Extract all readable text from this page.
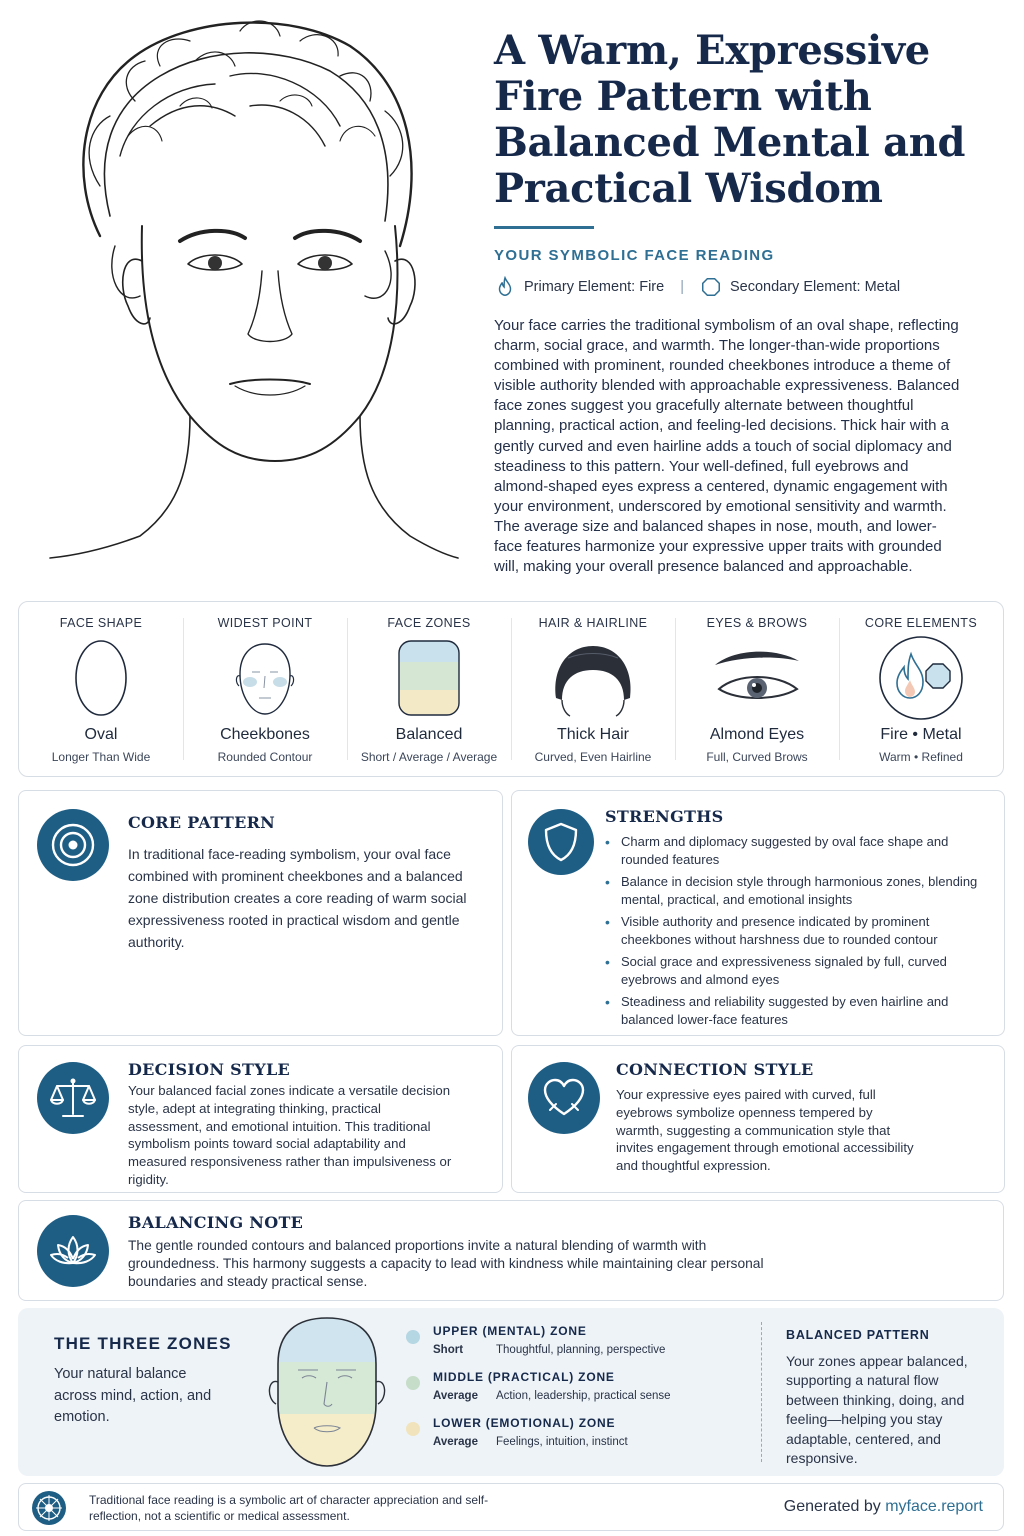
A Warm, Expressive Fire Pattern with Balanced Mental and Practical Wisdom
YOUR SYMBOLIC FACE READING
Primary Element: Fire |	Secondary Element: Metal

Your face carries the traditional symbolism of an oval shape, reflecting charm, social grace, and warmth. The longer-than-wide proportions combined with prominent, rounded cheekbones introduce a theme of visible authority blended with approachable expressiveness. Balanced face zones suggest you gracefully alternate between thoughtful planning, practical action, and feeling-led decisions. Thick hair with a gently curved and even hairline adds a touch of social diplomacy and steadiness to this pattern. Your well-defined, full eyebrows and almond-shaped eyes express a centered, dynamic engagement with your environment, underscored by emotional sensitivity and warmth. The average size and balanced shapes in nose, mouth, and lower-face features harmonize your expressive upper traits with grounded will, making your overall presence balanced and approachable.

FACE SHAPE
Oval
Longer Than Wide
WIDEST POINT
Cheekbones
Rounded Contour
FACE ZONES
Balanced
Short / Average / Average
HAIR & HAIRLINE
Thick Hair
Curved, Even Hairline
EYES & BROWS
Almond Eyes
Full, Curved Brows
CORE ELEMENTS
Fire • Metal
Warm • Refined
CORE PATTERN

In traditional face-reading symbolism, your oval face combined with prominent cheekbones and a balanced zone distribution creates a core reading of warm social expressiveness rooted in practical wisdom and gentle authority.

STRENGTHS
• Charm and diplomacy suggested by oval face shape and rounded features
• Balance in decision style through harmonious zones, blending mental, practical, and emotional insights
• Visible authority and presence indicated by prominent cheekbones without harshness due to rounded contour
• Social grace and expressiveness signaled by full, curved eyebrows and almond eyes
• Steadiness and reliability suggested by even hairline and balanced lower-face features
DECISION STYLE

Your balanced facial zones indicate a versatile decision style, adept at integrating thinking, practical assessment, and emotional intuition. This traditional symbolism points toward social adaptability and measured responsiveness rather than impulsiveness or rigidity.

CONNECTION STYLE

Your expressive eyes paired with curved, full eyebrows symbolize openness tempered by warmth, suggesting a communication style that invites engagement through emotional accessibility and thoughtful expression.

BALANCING NOTE

The gentle rounded contours and balanced proportions invite a natural blending of warmth with groundedness. This harmony suggests a capacity to lead with kindness while maintaining clear personal boundaries and steady practical sense.

THE THREE ZONES
Your natural balance across mind, action, and emotion.
UPPER (MENTAL) ZONE
Short	Thoughtful, planning, perspective
MIDDLE (PRACTICAL) ZONE
Average	Action, leadership, practical sense
LOWER (EMOTIONAL) ZONE
Average	Feelings, intuition, instinct
BALANCED PATTERN
Your zones appear balanced, supporting a natural flow between thinking, doing, and feeling—helping you stay adaptable, centered, and responsive.
Traditional face reading is a symbolic art of character appreciation and self-reflection, not a scientific or medical assessment.
Generated by myface.report
